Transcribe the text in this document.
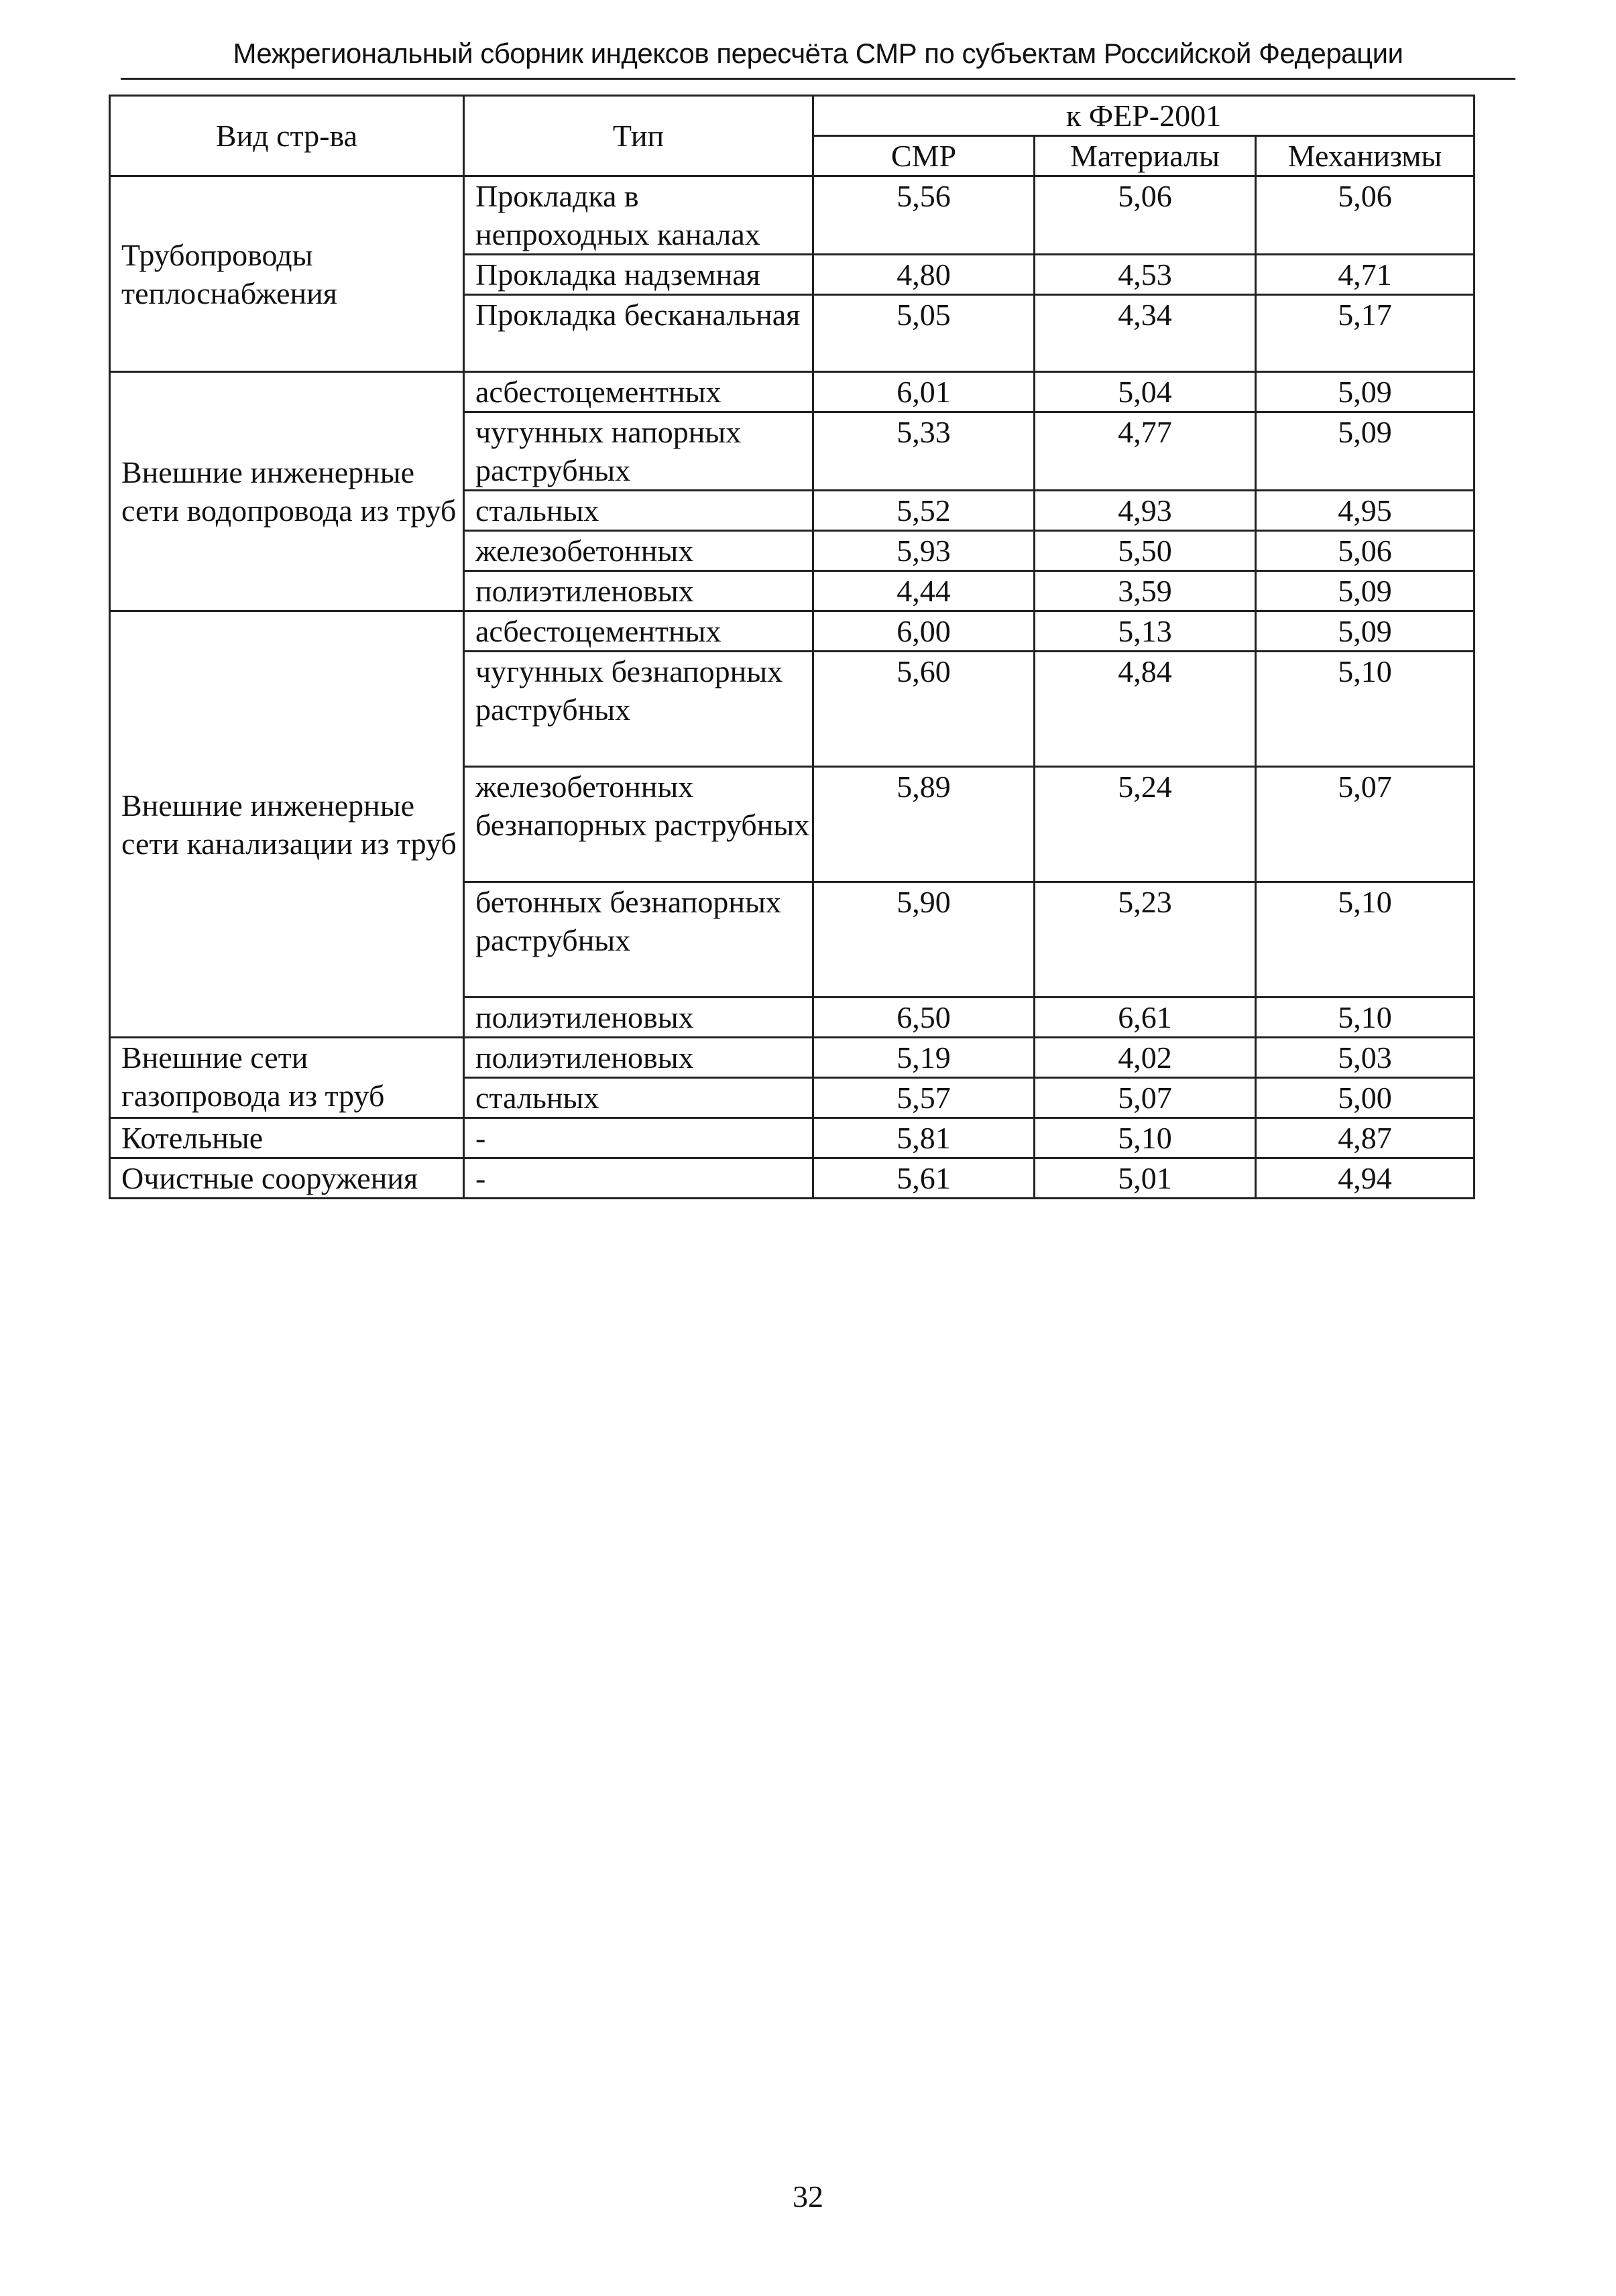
Межрегиональный сборник индексов пересчёта СМР по субъектам Российской Федерации
Вид стр-ва	Тип	к ФЕР-2001		
		СМР	Материалы	Механизмы
Трубопроводы теплоснабжения	Прокладка в непроходных каналах	5,56	5,06	5,06
	Прокладка надземная	4,80	4,53	4,71
	Прокладка бесканальная	5,05	4,34	5,17
Внешние инженерные сети водопровода из труб	асбестоцементных	6,01	5,04	5,09
	чугунных напорных раструбных	5,33	4,77	5,09
	стальных	5,52	4,93	4,95
	железобетонных	5,93	5,50	5,06
	полиэтиленовых	4,44	3,59	5,09
Внешние инженерные сети канализации из труб	асбестоцементных	6,00	5,13	5,09
	чугунных безнапорных раструбных	5,60	4,84	5,10
	железобетонных безнапорных раструбных	5,89	5,24	5,07
	бетонных безнапорных раструбных	5,90	5,23	5,10
	полиэтиленовых	6,50	6,61	5,10
Внешние сети газопровода из труб	полиэтиленовых	5,19	4,02	5,03
	стальных	5,57	5,07	5,00
Котельные	-	5,81	5,10	4,87
Очистные сооружения	-	5,61	5,01	4,94
32
